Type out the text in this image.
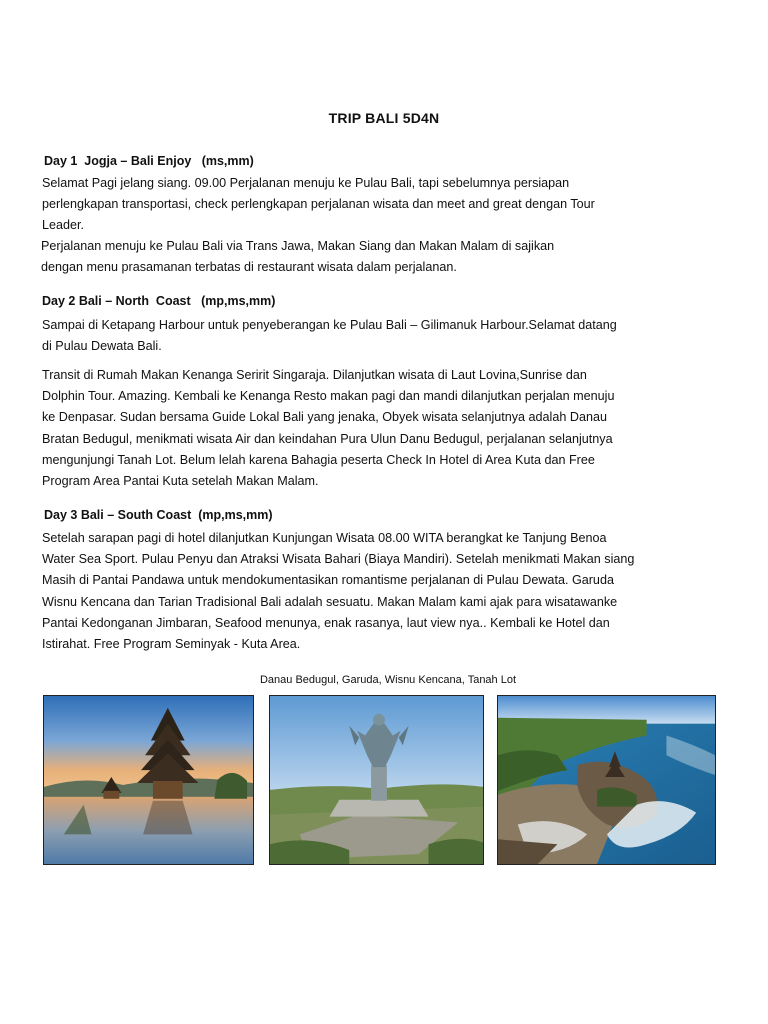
TRIP BALI 5D4N
Day 1  Jogja – Bali Enjoy   (ms,mm)
Selamat Pagi jelang siang. 09.00 Perjalanan menuju ke Pulau Bali, tapi sebelumnya persiapan
perlengkapan transportasi, check perlengkapan perjalanan wisata dan meet and great dengan Tour
Leader.
Perjalanan menuju ke Pulau Bali via Trans Jawa, Makan Siang dan Makan Malam di sajikan
dengan menu prasamanan terbatas di restaurant wisata dalam perjalanan.
Day 2 Bali – North  Coast   (mp,ms,mm)
Sampai di Ketapang Harbour untuk penyeberangan ke Pulau Bali – Gilimanuk Harbour.Selamat datang
di Pulau Dewata Bali.
Transit di Rumah Makan Kenanga Seririt Singaraja. Dilanjutkan wisata di Laut Lovina,Sunrise dan
Dolphin Tour. Amazing. Kembali ke Kenanga Resto makan pagi dan mandi dilanjutkan perjalan menuju
ke Denpasar. Sudan bersama Guide Lokal Bali yang jenaka, Obyek wisata selanjutnya adalah Danau
Bratan Bedugul, menikmati wisata Air dan keindahan Pura Ulun Danu Bedugul, perjalanan selanjutnya
mengunjungi Tanah Lot. Belum lelah karena Bahagia peserta Check In Hotel di Area Kuta dan Free
Program Area Pantai Kuta setelah Makan Malam.
Day 3 Bali – South Coast  (mp,ms,mm)
Setelah sarapan pagi di hotel dilanjutkan Kunjungan Wisata 08.00 WITA berangkat ke Tanjung Benoa
Water Sea Sport. Pulau Penyu dan Atraksi Wisata Bahari (Biaya Mandiri). Setelah menikmati Makan siang
Masih di Pantai Pandawa untuk mendokumentasikan romantisme perjalanan di Pulau Dewata. Garuda
Wisnu Kencana dan Tarian Tradisional Bali adalah sesuatu. Makan Malam kami ajak para wisatawanke
Pantai Kedonganan Jimbaran, Seafood menunya, enak rasanya, laut view nya.. Kembali ke Hotel dan
Istirahat. Free Program Seminyak - Kuta Area.
Danau Bedugul, Garuda, Wisnu Kencana, Tanah Lot
